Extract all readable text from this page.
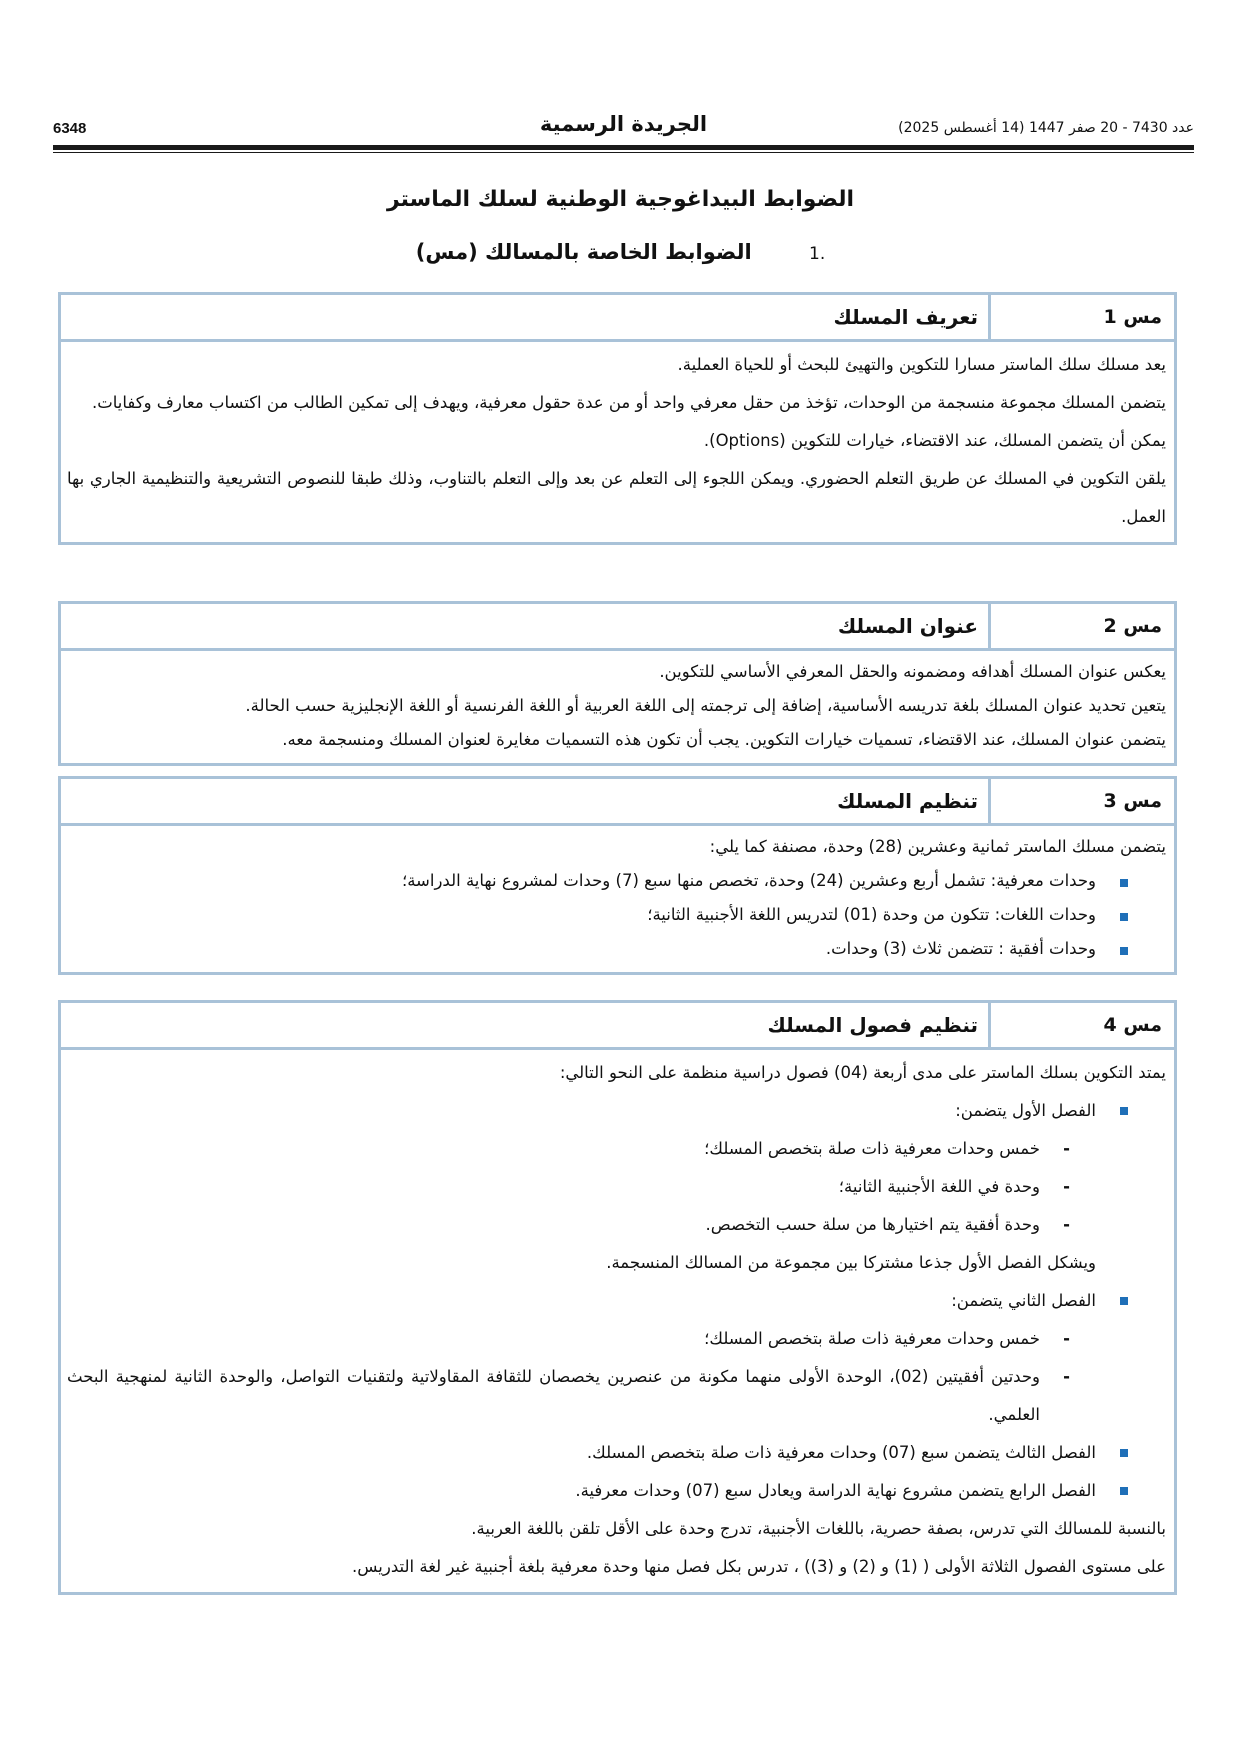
6348	الجريدة الرسمية	عدد 7430 - 20 صفر 1447 (14 أغسطس 2025)
الضوابط البيداغوجية الوطنية لسلك الماستر
.1 الضوابط الخاصة بالمسالك (مس)
مس 1
تعريف المسلك

يعد مسلك سلك الماستر مسارا للتكوين والتهيئ للبحث أو للحياة العملية.

يتضمن المسلك مجموعة منسجمة من الوحدات، تؤخذ من حقل معرفي واحد أو من عدة حقول معرفية، ويهدف إلى تمكين الطالب من اكتساب معارف وكفايات.

يمكن أن يتضمن المسلك، عند الاقتضاء، خيارات للتكوين (Options).

يلقن التكوين في المسلك عن طريق التعلم الحضوري. ويمكن اللجوء إلى التعلم عن بعد وإلى التعلم بالتناوب، وذلك طبقا للنصوص التشريعية والتنظيمية الجاري بها العمل.

مس 2
عنوان المسلك

يعكس عنوان المسلك أهدافه ومضمونه والحقل المعرفي الأساسي للتكوين.

يتعين تحديد عنوان المسلك بلغة تدريسه الأساسية، إضافة إلى ترجمته إلى اللغة العربية أو اللغة الفرنسية أو اللغة الإنجليزية حسب الحالة.

يتضمن عنوان المسلك، عند الاقتضاء، تسميات خيارات التكوين. يجب أن تكون هذه التسميات مغايرة لعنوان المسلك ومنسجمة معه.

مس 3
تنظيم المسلك

يتضمن مسلك الماستر ثمانية وعشرين (28) وحدة، مصنفة كما يلي:

وحدات معرفية: تشمل أربع وعشرين (24) وحدة، تخصص منها سبع (7) وحدات لمشروع نهاية الدراسة؛

وحدات اللغات: تتكون من وحدة (01) لتدريس اللغة الأجنبية الثانية؛

وحدات أفقية : تتضمن ثلاث (3) وحدات.

مس 4
تنظيم فصول المسلك

يمتد التكوين بسلك الماستر على مدى أربعة (04) فصول دراسية منظمة على النحو التالي:

الفصل الأول يتضمن:

- خمس وحدات معرفية ذات صلة بتخصص المسلك؛

- وحدة في اللغة الأجنبية الثانية؛

- وحدة أفقية يتم اختيارها من سلة حسب التخصص.

ويشكل الفصل الأول جذعا مشتركا بين مجموعة من المسالك المنسجمة.

الفصل الثاني يتضمن:

- خمس وحدات معرفية ذات صلة بتخصص المسلك؛

- وحدتين أفقيتين (02)، الوحدة الأولى منهما مكونة من عنصرين يخصصان للثقافة المقاولاتية ولتقنيات التواصل، والوحدة الثانية لمنهجية البحث العلمي.

الفصل الثالث يتضمن سبع (07) وحدات معرفية ذات صلة بتخصص المسلك.

الفصل الرابع يتضمن مشروع نهاية الدراسة ويعادل سبع (07) وحدات معرفية.

بالنسبة للمسالك التي تدرس، بصفة حصرية، باللغات الأجنبية، تدرج وحدة على الأقل تلقن باللغة العربية.

على مستوى الفصول الثلاثة الأولى ( (1) و (2) و (3)) ، تدرس بكل فصل منها وحدة معرفية بلغة أجنبية غير لغة التدريس.
